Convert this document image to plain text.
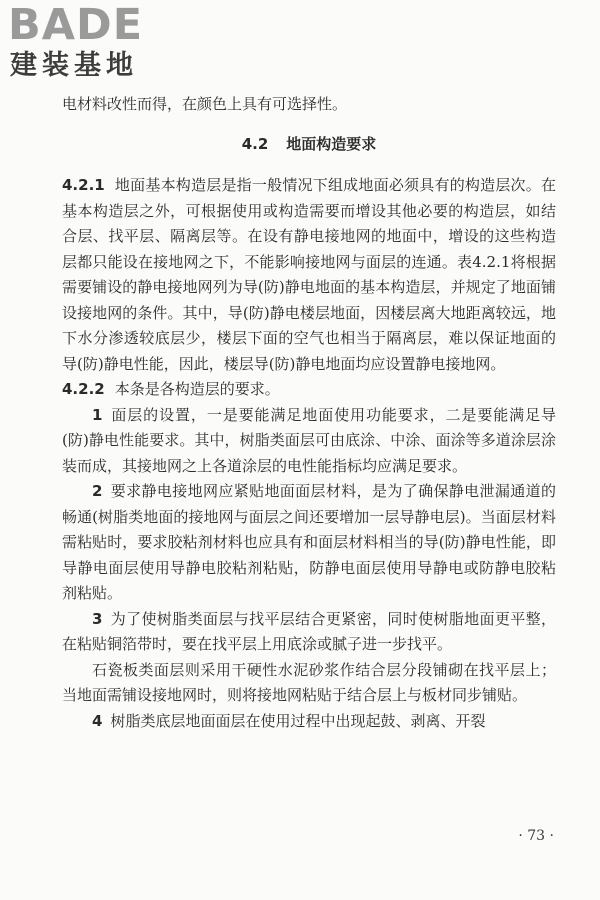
BADE
建装基地

电材料改性而得，在颜色上具有可选择性。

4.2 地面构造要求

4.2.1 地面基本构造层是指一般情况下组成地面必须具有的构造层次。在基本构造层之外，可根据使用或构造需要而增设其他必要的构造层，如结合层、找平层、隔离层等。在设有静电接地网的地面中，增设的这些构造层都只能设在接地网之下，不能影响接地网与面层的连通。表4.2.1将根据需要铺设的静电接地网列为导(防)静电地面的基本构造层，并规定了地面铺设接地网的条件。其中，导(防)静电楼层地面，因楼层离大地距离较远，地下水分渗透较底层少，楼层下面的空气也相当于隔离层，难以保证地面的导(防)静电性能，因此，楼层导(防)静电地面均应设置静电接地网。

4.2.2 本条是各构造层的要求。

1 面层的设置，一是要能满足地面使用功能要求，二是要能满足导(防)静电性能要求。其中，树脂类面层可由底涂、中涂、面涂等多道涂层涂装而成，其接地网之上各道涂层的电性能指标均应满足要求。

2 要求静电接地网应紧贴地面面层材料，是为了确保静电泄漏通道的畅通(树脂类地面的接地网与面层之间还要增加一层导静电层)。当面层材料需粘贴时，要求胶粘剂材料也应具有和面层材料相当的导(防)静电性能，即导静电面层使用导静电胶粘剂粘贴，防静电面层使用导静电或防静电胶粘剂粘贴。

3 为了使树脂类面层与找平层结合更紧密，同时使树脂地面更平整，在粘贴铜箔带时，要在找平层上用底涂或腻子进一步找平。

石瓷板类面层则采用干硬性水泥砂浆作结合层分段铺砌在找平层上；当地面需铺设接地网时，则将接地网粘贴于结合层上与板材同步铺贴。

4 树脂类底层地面面层在使用过程中出现起鼓、剥离、开裂

· 73 ·
